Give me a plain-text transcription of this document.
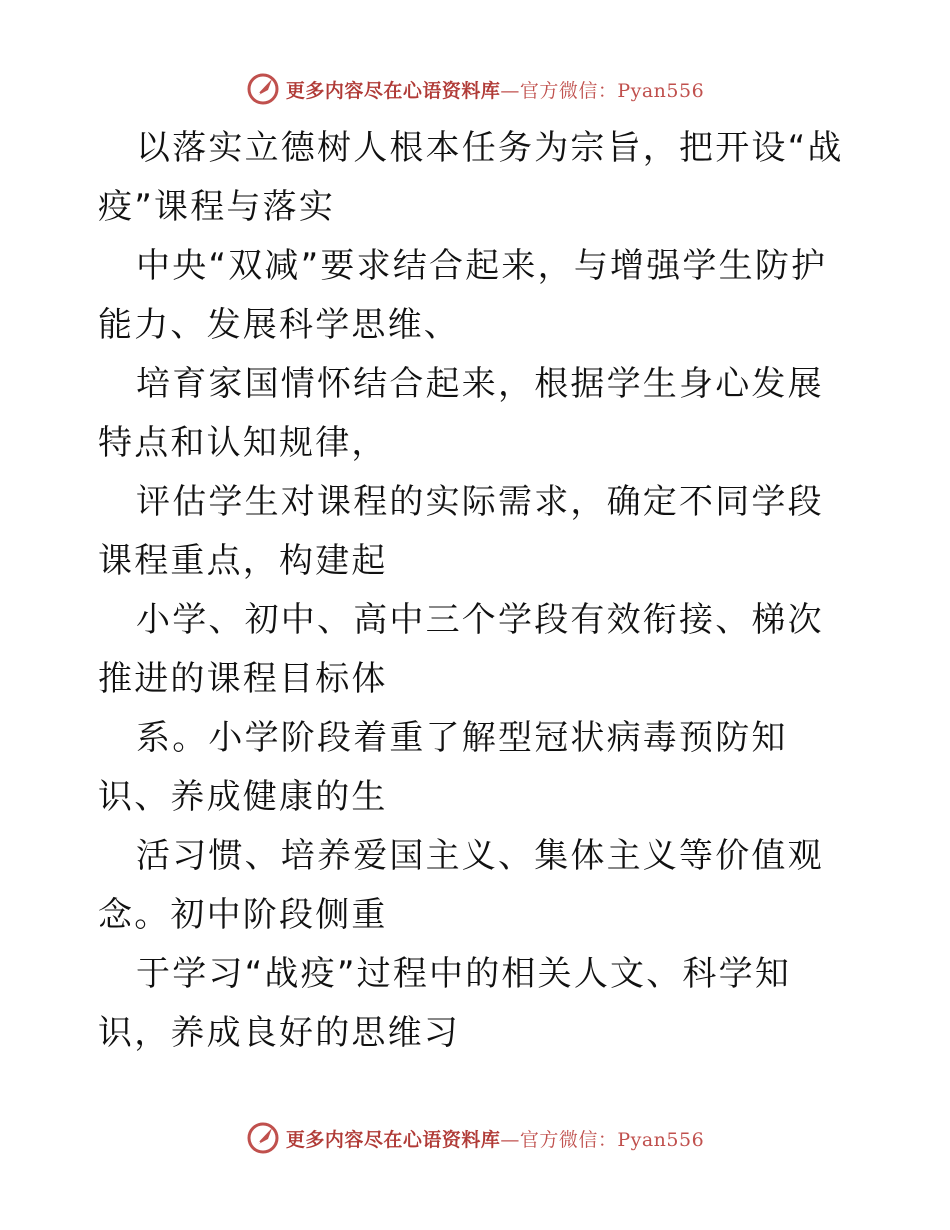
更多内容尽在心语资料库—官方微信：Pyan556

以落实立德树人根本任务为宗旨，把开设“战疫”课程与落实

中央“双减”要求结合起来，与增强学生防护能力、发展科学思维、

培育家国情怀结合起来，根据学生身心发展特点和认知规律，

评估学生对课程的实际需求，确定不同学段课程重点，构建起

小学、初中、高中三个学段有效衔接、梯次推进的课程目标体

系。小学阶段着重了解型冠状病毒预防知识、养成健康的生

活习惯、培养爱国主义、集体主义等价值观念。初中阶段侧重

于学习“战疫”过程中的相关人文、科学知识，养成良好的思维习

更多内容尽在心语资料库—官方微信：Pyan556
